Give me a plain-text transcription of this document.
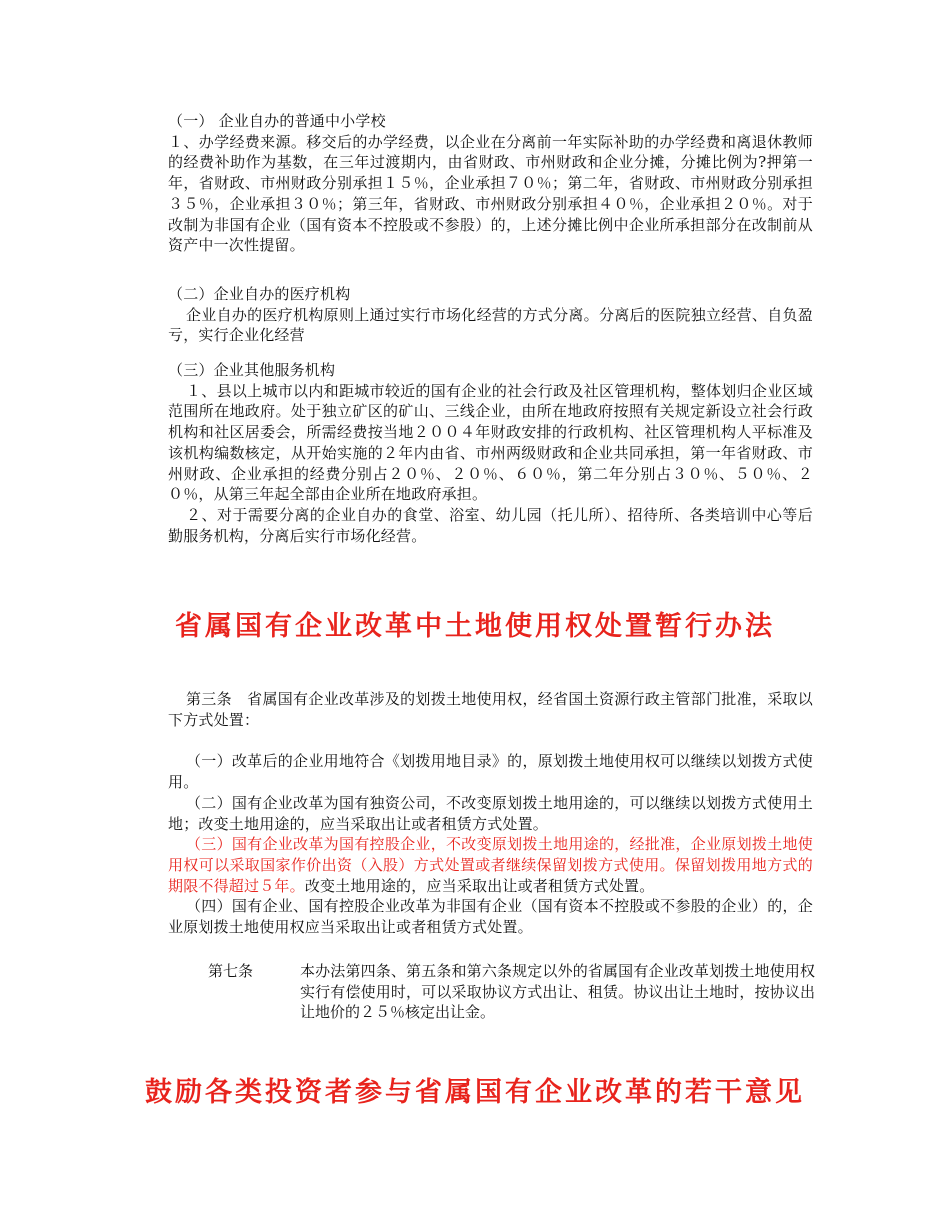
（一） 企业自办的普通中小学校

１、办学经费来源。移交后的办学经费，以企业在分离前一年实际补助的办学经费和离退休教师的经费补助作为基数，在三年过渡期内，由省财政、市州财政和企业分摊，分摊比例为?押第一年，省财政、市州财政分别承担１５％，企业承担７０％；第二年，省财政、市州财政分别承担３５％，企业承担３０％；第三年，省财政、市州财政分别承担４０％，企业承担２０％。对于改制为非国有企业（国有资本不控股或不参股）的，上述分摊比例中企业所承担部分在改制前从资产中一次性提留。

（二）企业自办的医疗机构

企业自办的医疗机构原则上通过实行市场化经营的方式分离。分离后的医院独立经营、自负盈亏，实行企业化经营

（三）企业其他服务机构

１、县以上城市以内和距城市较近的国有企业的社会行政及社区管理机构，整体划归企业区域范围所在地政府。处于独立矿区的矿山、三线企业，由所在地政府按照有关规定新设立社会行政机构和社区居委会，所需经费按当地２００４年财政安排的行政机构、社区管理机构人平标准及该机构编数核定，从开始实施的２年内由省、市州两级财政和企业共同承担，第一年省财政、市州财政、企业承担的经费分别占２０％、２０％、６０％，第二年分别占３０％、５０％、２０％，从第三年起全部由企业所在地政府承担。

２、对于需要分离的企业自办的食堂、浴室、幼儿园（托儿所）、招待所、各类培训中心等后勤服务机构，分离后实行市场化经营。

省属国有企业改革中土地使用权处置暂行办法

第三条　省属国有企业改革涉及的划拨土地使用权，经省国土资源行政主管部门批准，采取以下方式处置：

（一）改革后的企业用地符合《划拨用地目录》的，原划拨土地使用权可以继续以划拨方式使用。

（二）国有企业改革为国有独资公司，不改变原划拨土地用途的，可以继续以划拨方式使用土地；改变土地用途的，应当采取出让或者租赁方式处置。

（三）国有企业改革为国有控股企业，不改变原划拨土地用途的，经批准，企业原划拨土地使用权可以采取国家作价出资（入股）方式处置或者继续保留划拨方式使用。保留划拨用地方式的期限不得超过５年。改变土地用途的，应当采取出让或者租赁方式处置。

（四）国有企业、国有控股企业改革为非国有企业（国有资本不控股或不参股的企业）的，企业原划拨土地使用权应当采取出让或者租赁方式处置。

第七条	本办法第四条、第五条和第六条规定以外的省属国有企业改革划拨土地使用权实行有偿使用时，可以采取协议方式出让、租赁。协议出让土地时，按协议出让地价的２５％核定出让金。
鼓励各类投资者参与省属国有企业改革的若干意见
